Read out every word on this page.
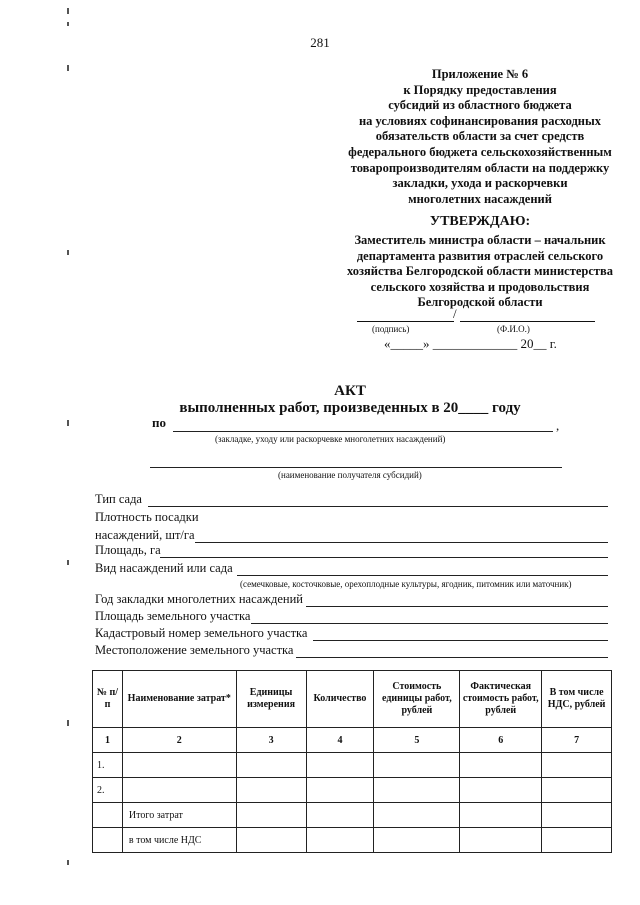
281
Приложение № 6
к Порядку предоставления
субсидий из областного бюджета
на условиях софинансирования расходных
обязательств области за счет средств
федерального бюджета сельскохозяйственным
товаропроизводителям области на поддержку
закладки, ухода и раскорчевки
многолетних насаждений
УТВЕРЖДАЮ:
Заместитель министра области – начальник
департамента развития отраслей сельского
хозяйства Белгородской области министерства
сельского хозяйства и продовольствия
Белгородской области
/
(подпись)	(Ф.И.О.)
«_____» _____________ 20__ г.
АКТ
выполненных работ, произведенных в 20____ году
по	,
(закладке, уходу или раскорчевке многолетних насаждений)
(наименование получателя субсидий)
Тип сада
Плотность посадки
насаждений, шт/га
Площадь, га
Вид насаждений или сада
(семечковые, косточковые, орехоплодные культуры, ягодник, питомник или маточник)
Год закладки многолетних насаждений
Площадь земельного участка
Кадастровый номер земельного участка
Местоположение земельного участка
№ п/п	Наименование затрат*	Единицы измерения	Количество	Стоимость единицы работ, рублей	Фактическая стоимость работ, рублей	В том числе НДС, рублей
1	2	3	4	5	6	7
1.						
2.						
	Итого затрат					
	в том числе НДС					
